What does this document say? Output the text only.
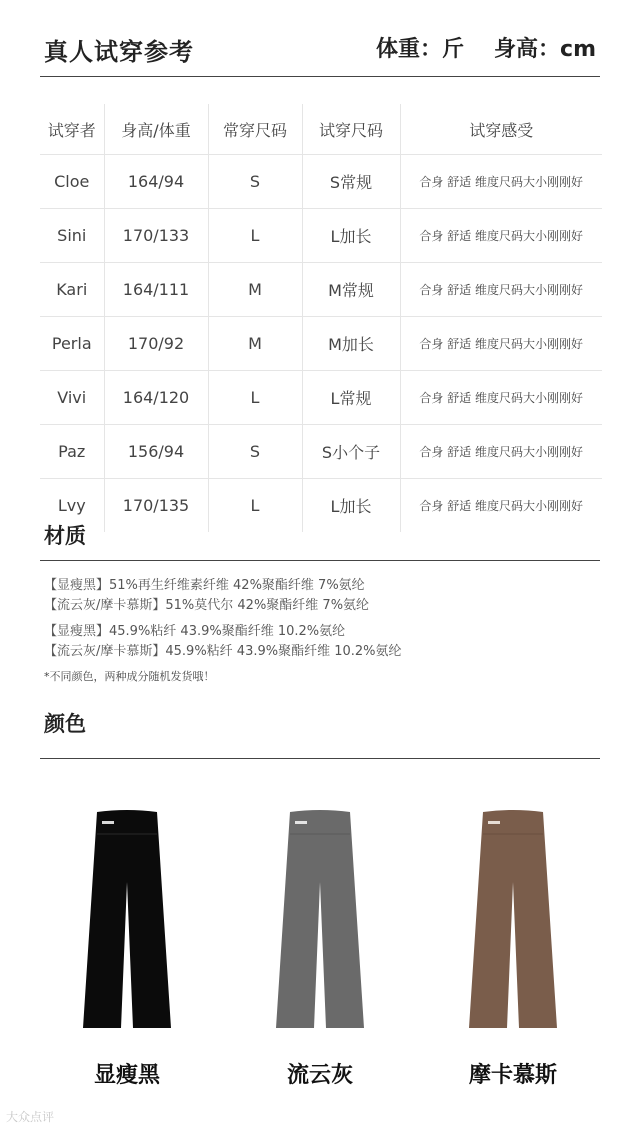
真人试穿参考	体重：斤 身高：cm
试穿者	身高/体重	常穿尺码	试穿尺码	试穿感受
Cloe	164/94	S	S常规	合身 舒适 维度尺码大小刚刚好
Sini	170/133	L	L加长	合身 舒适 维度尺码大小刚刚好
Kari	164/111	M	M常规	合身 舒适 维度尺码大小刚刚好
Perla	170/92	M	M加长	合身 舒适 维度尺码大小刚刚好
Vivi	164/120	L	L常规	合身 舒适 维度尺码大小刚刚好
Paz	156/94	S	S小个子	合身 舒适 维度尺码大小刚刚好
Lvy	170/135	L	L加长	合身 舒适 维度尺码大小刚刚好
材质
【显瘦黑】51%再生纤维素纤维 42%聚酯纤维 7%氨纶
【流云灰/摩卡慕斯】51%莫代尔 42%聚酯纤维 7%氨纶
【显瘦黑】45.9%粘纤 43.9%聚酯纤维 10.2%氨纶
【流云灰/摩卡慕斯】45.9%粘纤 43.9%聚酯纤维 10.2%氨纶
*不同颜色，两种成分随机发货哦！
颜色
显瘦黑	流云灰	摩卡慕斯
大众点评
